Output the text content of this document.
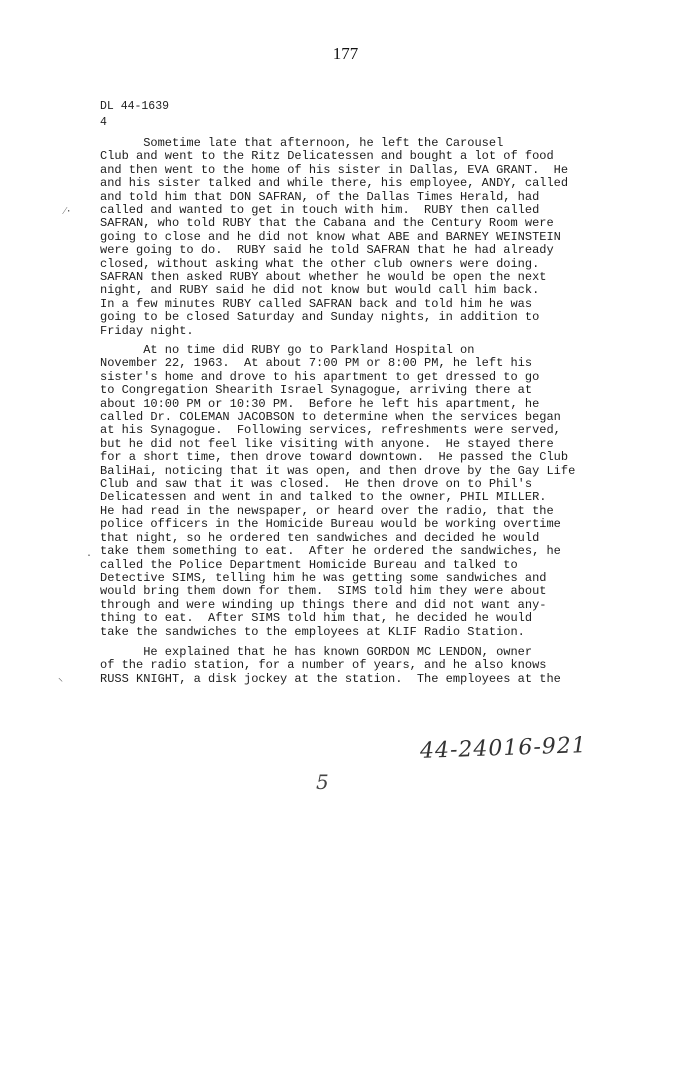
177
DL 44-1639
4
Sometime late that afternoon, he left the Carousel
Club and went to the Ritz Delicatessen and bought a lot of food
and then went to the home of his sister in Dallas, EVA GRANT.  He
and his sister talked and while there, his employee, ANDY, called
and told him that DON SAFRAN, of the Dallas Times Herald, had
called and wanted to get in touch with him.  RUBY then called
SAFRAN, who told RUBY that the Cabana and the Century Room were
going to close and he did not know what ABE and BARNEY WEINSTEIN
were going to do.  RUBY said he told SAFRAN that he had already
closed, without asking what the other club owners were doing.
SAFRAN then asked RUBY about whether he would be open the next
night, and RUBY said he did not know but would call him back.
In a few minutes RUBY called SAFRAN back and told him he was
going to be closed Saturday and Sunday nights, in addition to
Friday night.
At no time did RUBY go to Parkland Hospital on
November 22, 1963.  At about 7:00 PM or 8:00 PM, he left his
sister's home and drove to his apartment to get dressed to go
to Congregation Shearith Israel Synagogue, arriving there at
about 10:00 PM or 10:30 PM.  Before he left his apartment, he
called Dr. COLEMAN JACOBSON to determine when the services began
at his Synagogue.  Following services, refreshments were served,
but he did not feel like visiting with anyone.  He stayed there
for a short time, then drove toward downtown.  He passed the Club
BaliHai, noticing that it was open, and then drove by the Gay Life
Club and saw that it was closed.  He then drove on to Phil's
Delicatessen and went in and talked to the owner, PHIL MILLER.
He had read in the newspaper, or heard over the radio, that the
police officers in the Homicide Bureau would be working overtime
that night, so he ordered ten sandwiches and decided he would
take them something to eat.  After he ordered the sandwiches, he
called the Police Department Homicide Bureau and talked to
Detective SIMS, telling him he was getting some sandwiches and
would bring them down for them.  SIMS told him they were about
through and were winding up things there and did not want any-
thing to eat.  After SIMS told him that, he decided he would
take the sandwiches to the employees at KLIF Radio Station.
He explained that he has known GORDON MC LENDON, owner
of the radio station, for a number of years, and he also knows
RUSS KNIGHT, a disk jockey at the station.  The employees at the
⁄·
.
⸌
44-24016-921
5
